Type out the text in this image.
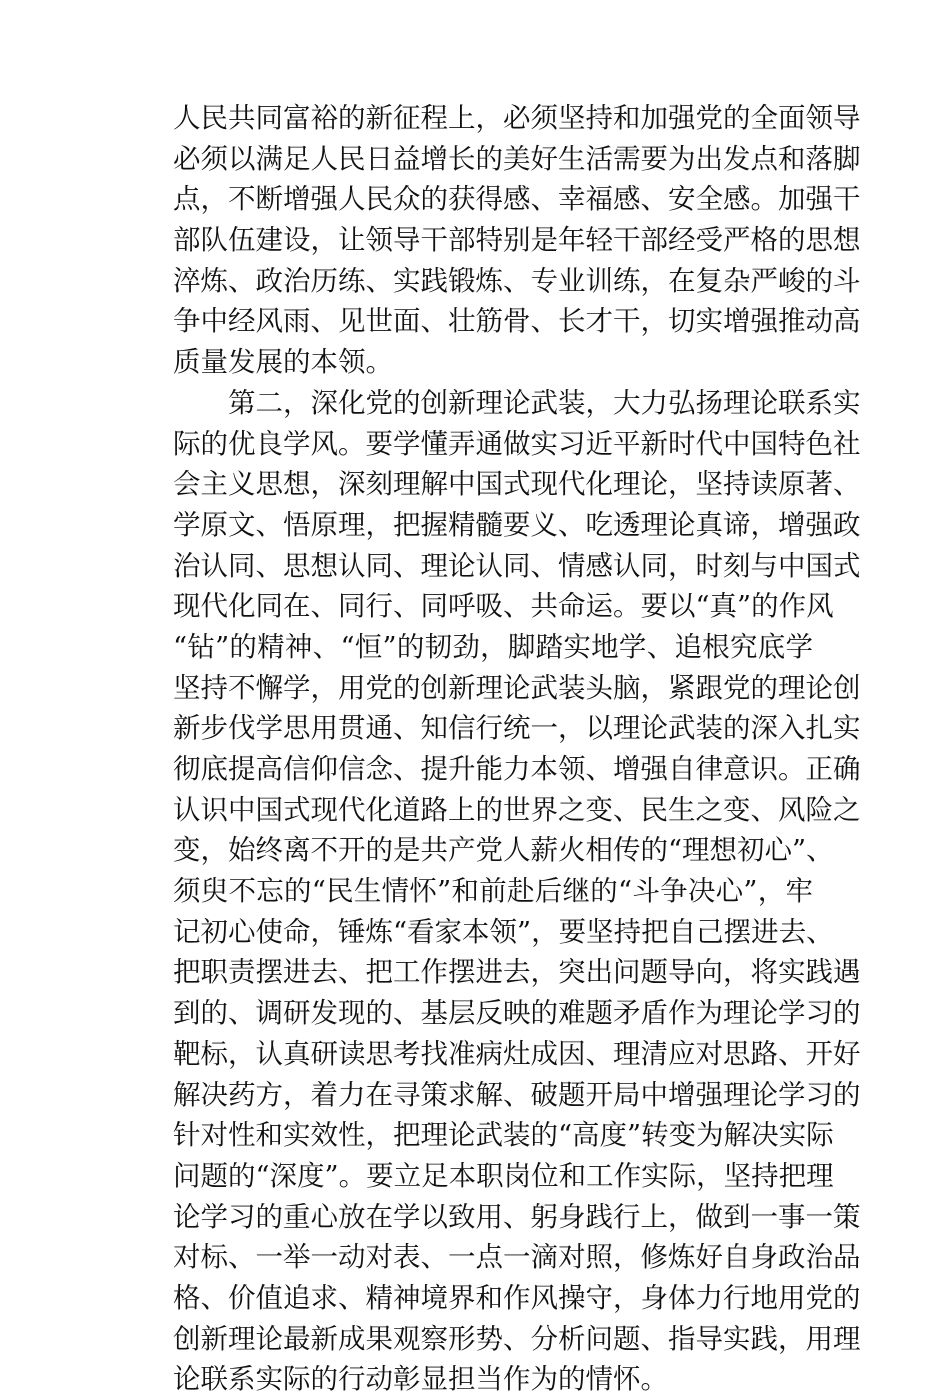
人民共同富裕的新征程上，必须坚持和加强党的全面领导
必须以满足人民日益增长的美好生活需要为出发点和落脚
点，不断增强人民众的获得感、幸福感、安全感。加强干
部队伍建设，让领导干部特别是年轻干部经受严格的思想
淬炼、政治历练、实践锻炼、专业训练，在复杂严峻的斗
争中经风雨、见世面、壮筋骨、长才干，切实增强推动高
质量发展的本领。
　　第二，深化党的创新理论武装，大力弘扬理论联系实
际的优良学风。要学懂弄通做实习近平新时代中国特色社
会主义思想，深刻理解中国式现代化理论，坚持读原著、
学原文、悟原理，把握精髓要义、吃透理论真谛，增强政
治认同、思想认同、理论认同、情感认同，时刻与中国式
现代化同在、同行、同呼吸、共命运。要以“真”的作风
“钻”的精神、“恒”的韧劲，脚踏实地学、追根究底学
坚持不懈学，用党的创新理论武装头脑，紧跟党的理论创
新步伐学思用贯通、知信行统一，以理论武装的深入扎实
彻底提高信仰信念、提升能力本领、增强自律意识。正确
认识中国式现代化道路上的世界之变、民生之变、风险之
变，始终离不开的是共产党人薪火相传的“理想初心”、
须臾不忘的“民生情怀”和前赴后继的“斗争决心”，牢
记初心使命，锤炼“看家本领”，要坚持把自己摆进去、
把职责摆进去、把工作摆进去，突出问题导向，将实践遇
到的、调研发现的、基层反映的难题矛盾作为理论学习的
靶标，认真研读思考找准病灶成因、理清应对思路、开好
解决药方，着力在寻策求解、破题开局中增强理论学习的
针对性和实效性，把理论武装的“高度”转变为解决实际
问题的“深度”。要立足本职岗位和工作实际，坚持把理
论学习的重心放在学以致用、躬身践行上，做到一事一策
对标、一举一动对表、一点一滴对照，修炼好自身政治品
格、价值追求、精神境界和作风操守，身体力行地用党的
创新理论最新成果观察形势、分析问题、指导实践，用理
论联系实际的行动彰显担当作为的情怀。
